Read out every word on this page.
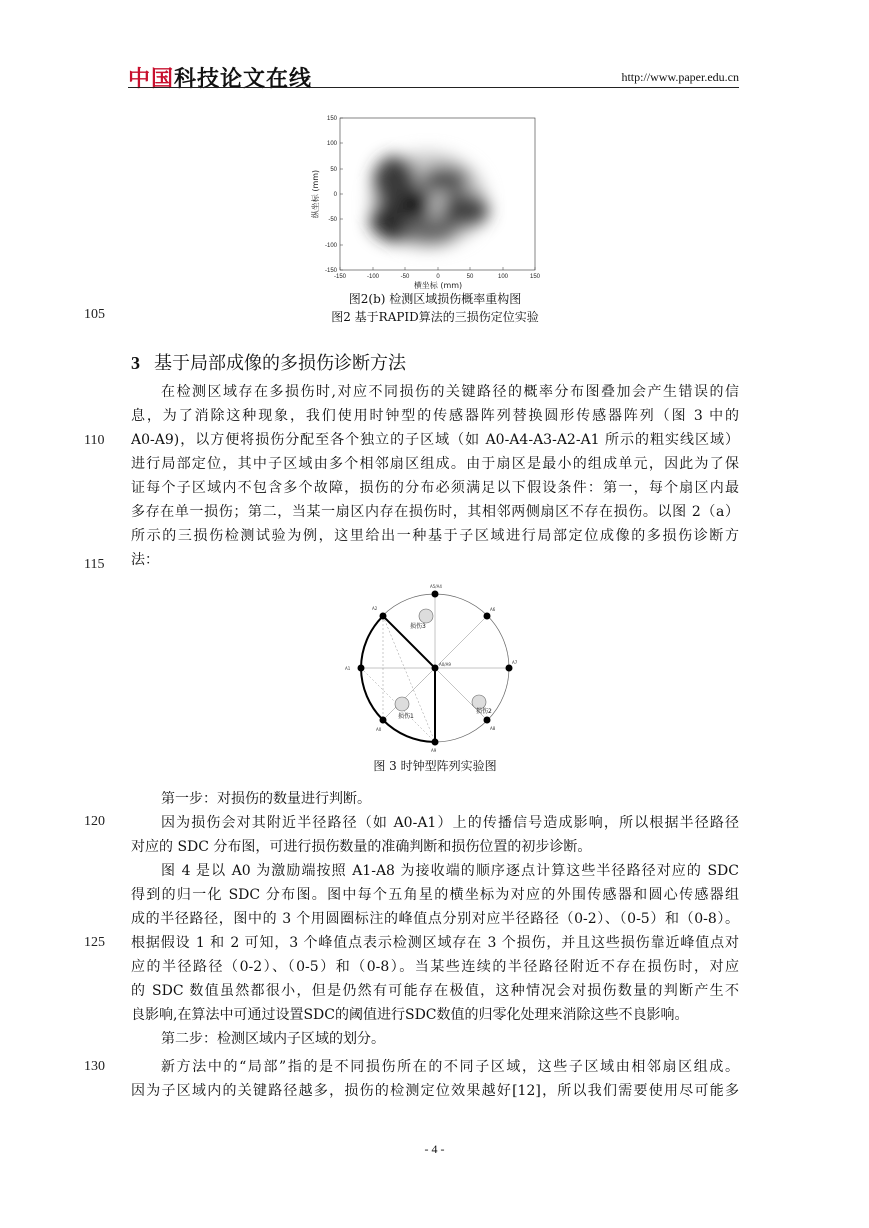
中国科技论文在线	http://www.paper.edu.cn
-150	-100	-50	0	50	100	150
150
100
50
0
-50
-100
-150
横坐标 (mm)
纵坐标 (mm)
图2(b) 检测区域损伤概率重构图
105	图2 基于RAPID算法的三损伤定位实验
3 基于局部成像的多损伤诊断方法
在检测区域存在多损伤时,对应不同损伤的关键路径的概率分布图叠加会产生错误的信
息，为了消除这种现象，我们使用时钟型的传感器阵列替换圆形传感器阵列（图 3 中的
A0-A9)，以方便将损伤分配至各个独立的子区域（如 A0-A4-A3-A2-A1 所示的粗实线区域）
进行局部定位，其中子区域由多个相邻扇区组成。由于扇区是最小的组成单元，因此为了保
证每个子区域内不包含多个故障，损伤的分布必须满足以下假设条件：第一，每个扇区内最
多存在单一损伤；第二，当某一扇区内存在损伤时，其相邻两侧扇区不存在损伤。以图 2（a）
所示的三损伤检测试验为例，这里给出一种基于子区域进行局部定位成像的多损伤诊断方
法：
110
115
损伤3
损伤1
损伤2
A5/A4
A6
A7
A8
A9
A0
A1
A2
A0/A9
图 3 时钟型阵列实验图
第一步：对损伤的数量进行判断。
120	因为损伤会对其附近半径路径（如 A0-A1）上的传播信号造成影响，所以根据半径路径
对应的 SDC 分布图，可进行损伤数量的准确判断和损伤位置的初步诊断。
图 4 是以 A0 为激励端按照 A1-A8 为接收端的顺序逐点计算这些半径路径对应的 SDC
得到的归一化 SDC 分布图。图中每个五角星的横坐标为对应的外围传感器和圆心传感器组
成的半径路径，图中的 3 个用圆圈标注的峰值点分别对应半径路径（0-2）、（0-5）和（0-8）。
根据假设 1 和 2 可知，3 个峰值点表示检测区域存在 3 个损伤，并且这些损伤靠近峰值点对
应的半径路径（0-2）、（0-5）和（0-8）。当某些连续的半径路径附近不存在损伤时，对应
的 SDC 数值虽然都很小，但是仍然有可能存在极值，这种情况会对损伤数量的判断产生不
良影响,在算法中可通过设置SDC的阈值进行SDC数值的归零化处理来消除这些不良影响。
125
第二步：检测区域内子区域的划分。
130	新方法中的“局部”指的是不同损伤所在的不同子区域，这些子区域由相邻扇区组成。
因为子区域内的关键路径越多，损伤的检测定位效果越好[12]，所以我们需要使用尽可能多
- 4 -
